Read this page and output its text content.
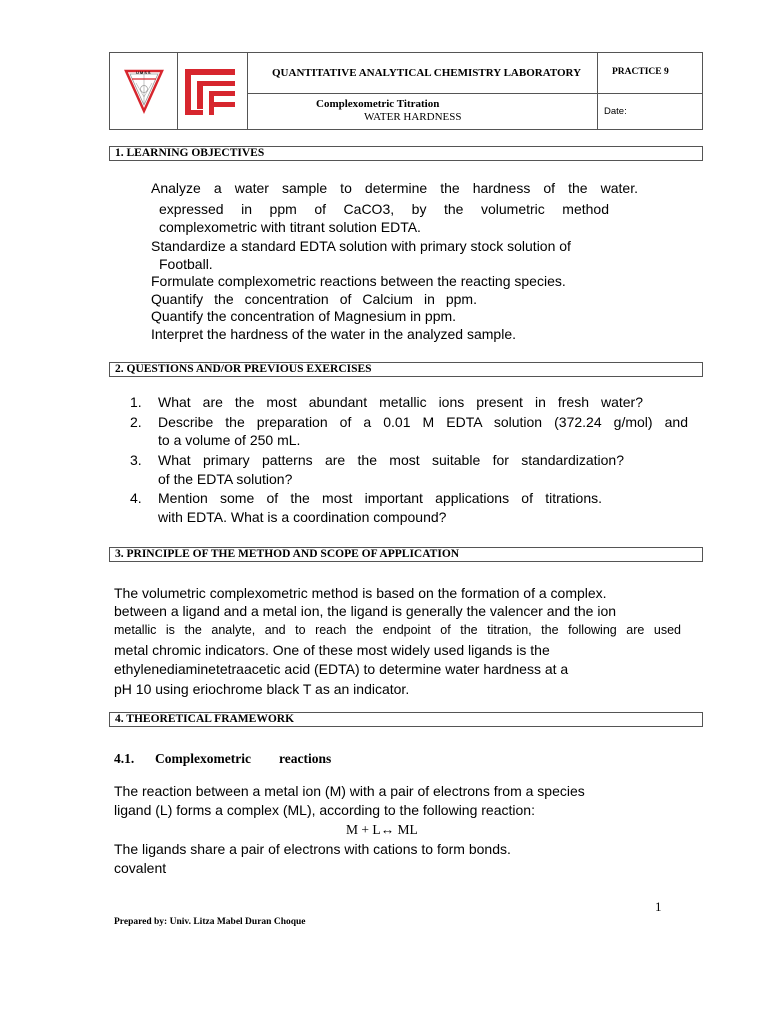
UMSS	QUANTITATIVE ANALYTICAL CHEMISTRY LABORATORY	PRACTICE 9
Complexometric Titration
WATER HARDNESS	Date:
1. LEARNING OBJECTIVES
Analyze a water sample to determine the hardness of the water.
expressed in ppm of CaCO3, by the volumetric method
complexometric with titrant solution EDTA.
Standardize a standard EDTA solution with primary stock solution of
Football.
Formulate complexometric reactions between the reacting species.
Quantify the concentration of Calcium in ppm.
Quantify the concentration of Magnesium in ppm.
Interpret the hardness of the water in the analyzed sample.
2. QUESTIONS AND/OR PREVIOUS EXERCISES
1. What are the most abundant metallic ions present in fresh water?
2. Describe the preparation of a 0.01 M EDTA solution (372.24 g/mol) and
to a volume of 250 mL.
3. What primary patterns are the most suitable for standardization?
of the EDTA solution?
4. Mention some of the most important applications of titrations.
with EDTA. What is a coordination compound?
3. PRINCIPLE OF THE METHOD AND SCOPE OF APPLICATION
The volumetric complexometric method is based on the formation of a complex.
between a ligand and a metal ion, the ligand is generally the valencer and the ion
metallic is the analyte, and to reach the endpoint of the titration, the following are used
metal chromic indicators. One of these most widely used ligands is the
ethylenediaminetetraacetic acid (EDTA) to determine water hardness at a
pH 10 using eriochrome black T as an indicator.
4. THEORETICAL FRAMEWORK
4.1. Complexometric reactions
The reaction between a metal ion (M) with a pair of electrons from a species
ligand (L) forms a complex (ML), according to the following reaction:
M + L↔ ML
The ligands share a pair of electrons with cations to form bonds.
covalent
1
Prepared by: Univ. Litza Mabel Duran Choque
